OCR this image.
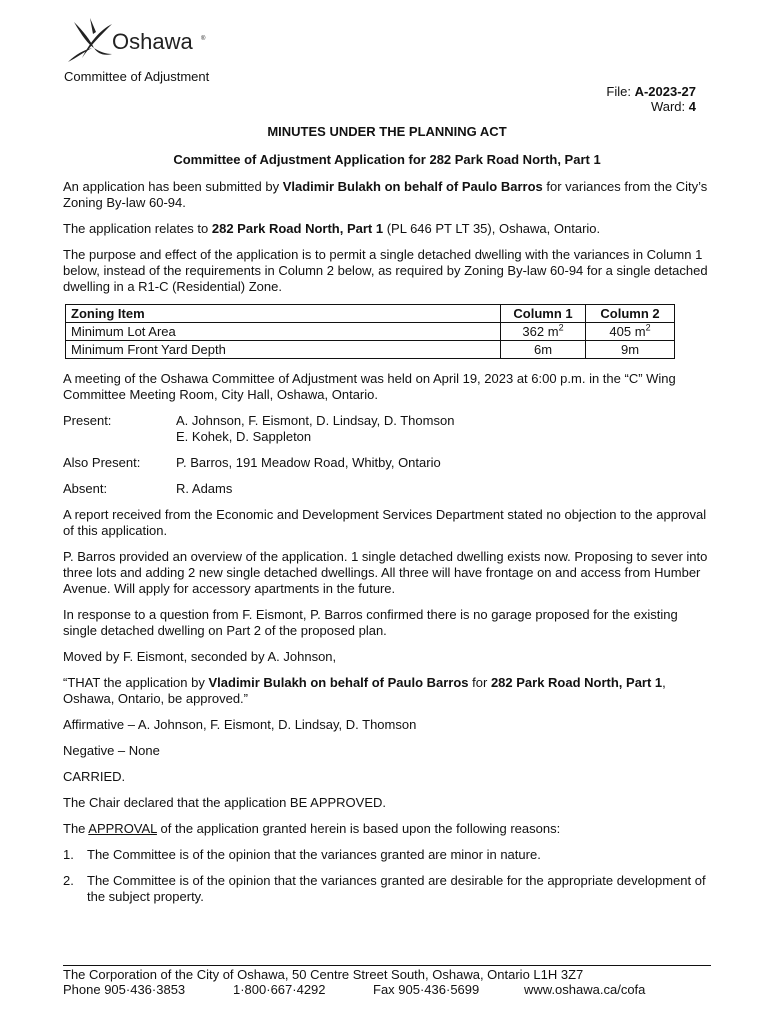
Oshawa ®
Committee of Adjustment
File: A-2023-27
Ward: 4

MINUTES UNDER THE PLANNING ACT

Committee of Adjustment Application for 282 Park Road North, Part 1

An application has been submitted by Vladimir Bulakh on behalf of Paulo Barros for variances from the City’s Zoning By-law 60-94.

The application relates to 282 Park Road North, Part 1 (PL 646 PT LT 35), Oshawa, Ontario.

The purpose and effect of the application is to permit a single detached dwelling with the variances in Column 1 below, instead of the requirements in Column 2 below, as required by Zoning By-law 60-94 for a single detached dwelling in a R1-C (Residential) Zone.

Zoning Item	Column 1	Column 2
Minimum Lot Area	362 $m^2$	405 $m^2$
Minimum Front Yard Depth	6m	9m

A meeting of the Oshawa Committee of Adjustment was held on April 19, 2023 at 6:00 p.m. in the “C” Wing Committee Meeting Room, City Hall, Oshawa, Ontario.

Present:	A. Johnson, F. Eismont, D. Lindsay, D. Thomson
E. Kohek, D. Sappleton
Also Present:	P. Barros, 191 Meadow Road, Whitby, Ontario
Absent:	R. Adams

A report received from the Economic and Development Services Department stated no objection to the approval of this application.

P. Barros provided an overview of the application. 1 single detached dwelling exists now. Proposing to sever into three lots and adding 2 new single detached dwellings. All three will have frontage on and access from Humber Avenue. Will apply for accessory apartments in the future.

In response to a question from F. Eismont, P. Barros confirmed there is no garage proposed for the existing single detached dwelling on Part 2 of the proposed plan.

Moved by F. Eismont, seconded by A. Johnson,

“THAT the application by Vladimir Bulakh on behalf of Paulo Barros for 282 Park Road North, Part 1, Oshawa, Ontario, be approved.”

Affirmative – A. Johnson, F. Eismont, D. Lindsay, D. Thomson

Negative – None

CARRIED.

The Chair declared that the application BE APPROVED.

The APPROVAL of the application granted herein is based upon the following reasons:

1.	The Committee is of the opinion that the variances granted are minor in nature.
2.	The Committee is of the opinion that the variances granted are desirable for the appropriate development of the subject property.
The Corporation of the City of Oshawa, 50 Centre Street South, Oshawa, Ontario L1H 3Z7
Phone 905·436·3853	1·800·667·4292	Fax 905·436·5699	www.oshawa.ca/cofa
